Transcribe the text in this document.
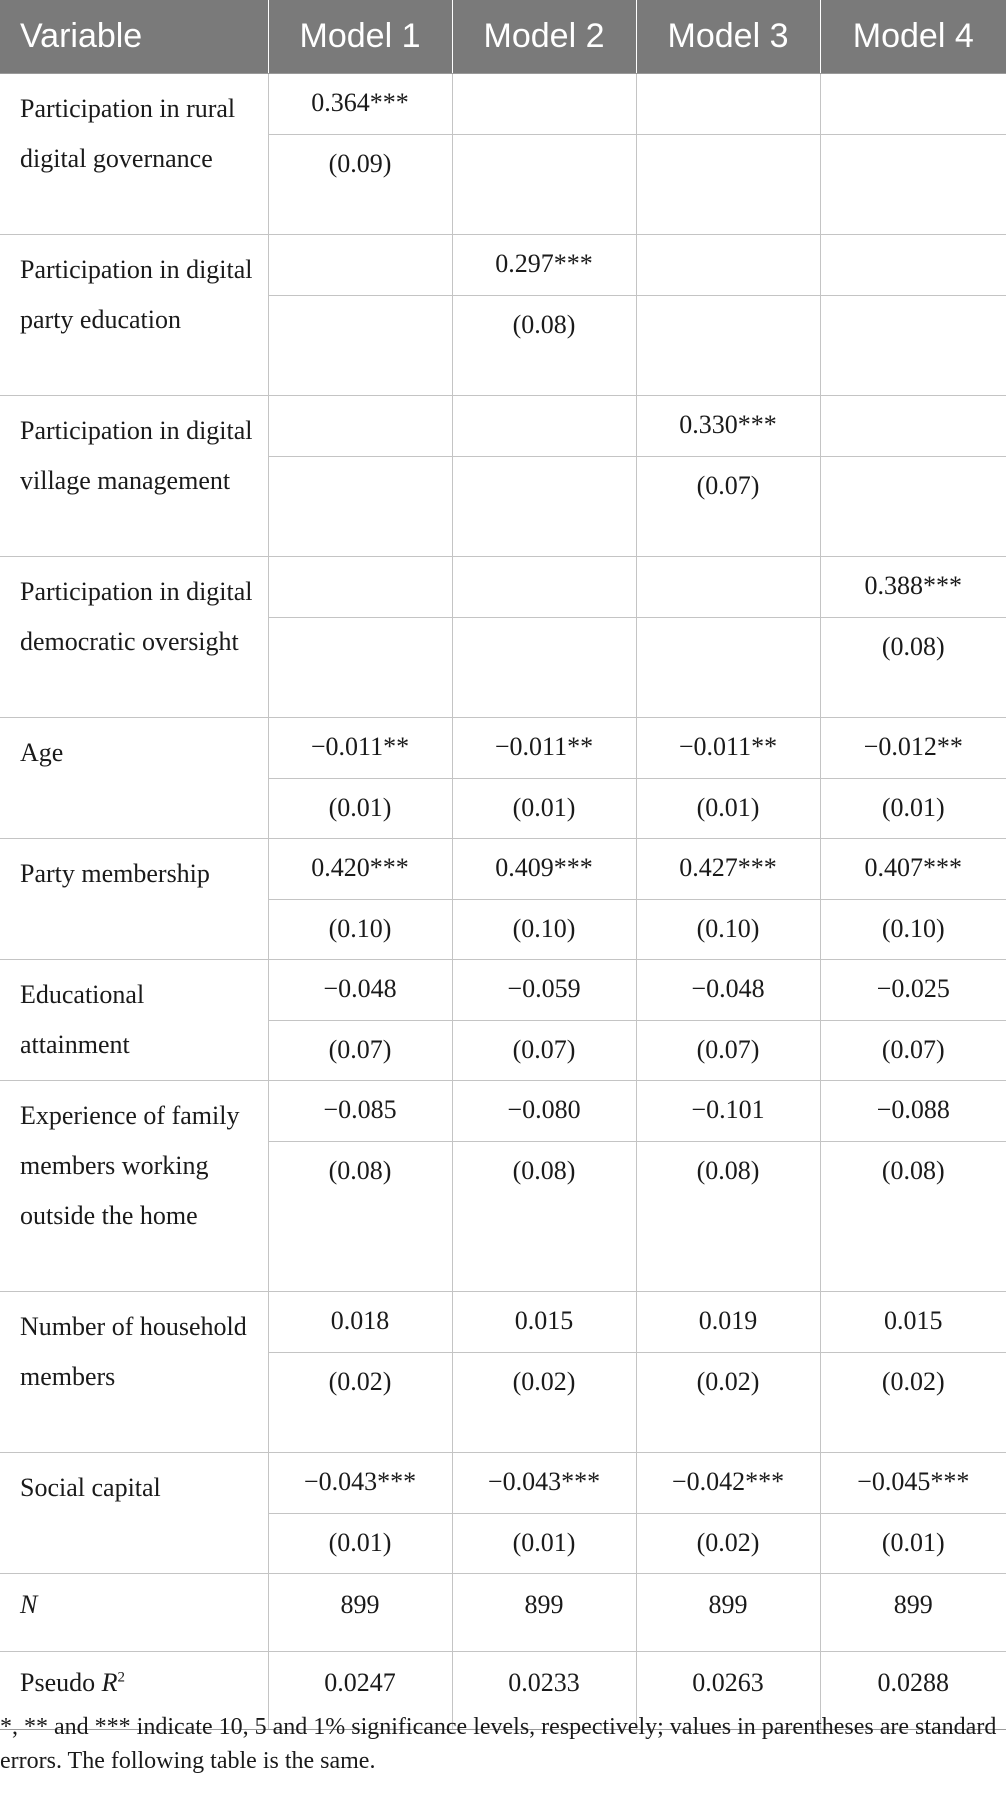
Variable	Model 1	Model 2	Model 3	Model 4
Participation in rural digital governance	0.364***			
	(0.09)			
Participation in digital party education		0.297***		
		(0.08)		
Participation in digital village management			0.330***	
			(0.07)	
Participation in digital democratic oversight				0.388***
				(0.08)
Age	−0.011**	−0.011**	−0.011**	−0.012**
	(0.01)	(0.01)	(0.01)	(0.01)
Party membership	0.420***	0.409***	0.427***	0.407***
	(0.10)	(0.10)	(0.10)	(0.10)
Educational attainment	−0.048	−0.059	−0.048	−0.025
	(0.07)	(0.07)	(0.07)	(0.07)
Experience of family members working outside the home	−0.085	−0.080	−0.101	−0.088
	(0.08)	(0.08)	(0.08)	(0.08)
Number of household members	0.018	0.015	0.019	0.015
	(0.02)	(0.02)	(0.02)	(0.02)
Social capital	−0.043***	−0.043***	−0.042***	−0.045***
	(0.01)	(0.01)	(0.02)	(0.01)
N	899	899	899	899
Pseudo $R^2$	0.0247	0.0233	0.0263	0.0288
*, ** and *** indicate 10, 5 and 1% significance levels, respectively; values in parentheses are standard errors. The following table is the same.
